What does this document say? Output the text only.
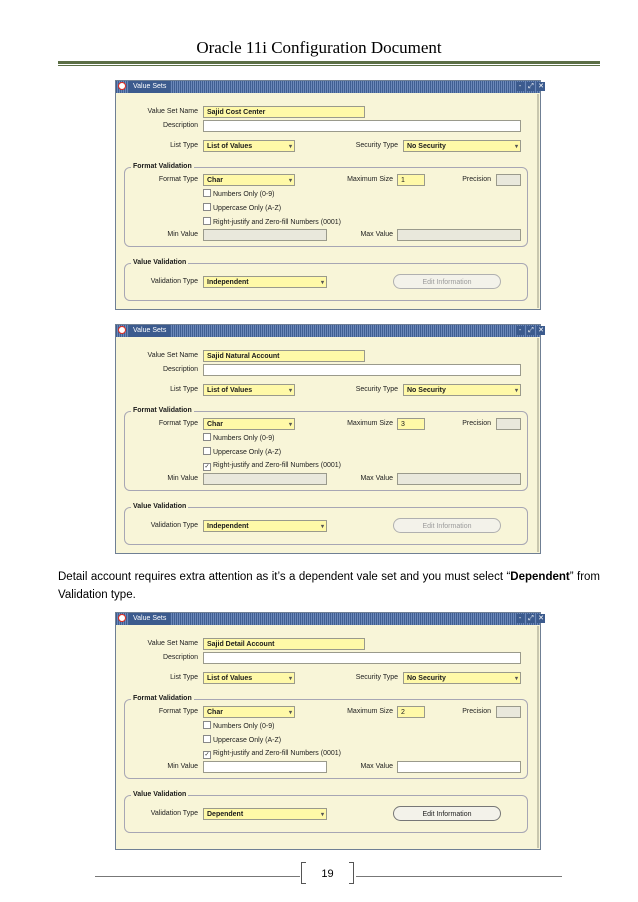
Oracle 11i Configuration Document
Value Sets	‐	⤢ ✕
Value Set Name	Sajid Cost Center
Description
List Type	List of Values	▾	Security Type	No Security	▾
Format Validation
Format Type	Char	▾	Maximum Size	1	Precision
Numbers Only (0-9)
Uppercase Only (A-Z)
Right-justify and Zero-fill Numbers (0001)
Min Value	Max Value
Value Validation
Validation Type	Independent	▾	Edit Information
Value Sets	‐	⤢ ✕
Value Set Name	Sajid Natural Account
Description
List Type	List of Values	▾	Security Type	No Security	▾
Format Validation
Format Type	Char	▾	Maximum Size	3	Precision
Numbers Only (0-9)
Uppercase Only (A-Z)
✓ Right-justify and Zero-fill Numbers (0001)
Min Value	Max Value
Value Validation
Validation Type	Independent	▾	Edit Information
Value Sets	‐	⤢ ✕
Value Set Name	Sajid Detail Account
Description
List Type	List of Values	▾	Security Type	No Security	▾
Format Validation
Format Type	Char	▾	Maximum Size	2	Precision
Numbers Only (0-9)
Uppercase Only (A-Z)
✓ Right-justify and Zero-fill Numbers (0001)
Min Value	Max Value
Value Validation
Validation Type	Dependent	▾	Edit Information
Detail account requires extra attention as it’s a dependent vale set and you must select “Dependent” from Validation type.
19
